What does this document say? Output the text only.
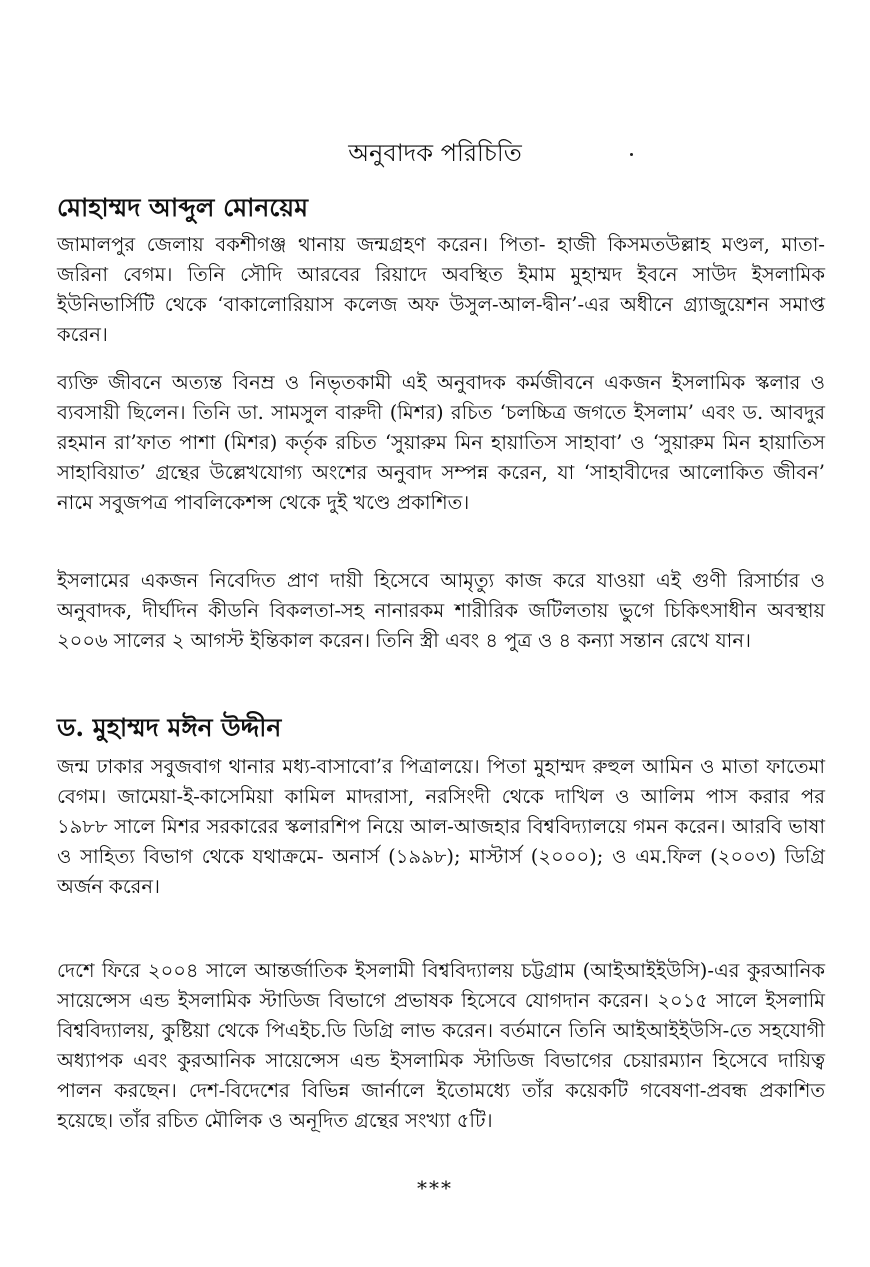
অনুবাদক পরিচিতি
মোহাম্মদ আব্দুল মোনয়েম

জামালপুর জেলায় বকশীগঞ্জ থানায় জন্মগ্রহণ করেন। পিতা- হাজী কিসমতউল্লাহ মণ্ডল, মাতা- জরিনা বেগম। তিনি সৌদি আরবের রিয়াদে অবস্থিত ইমাম মুহাম্মদ ইবনে সাউদ ইসলামিক ইউনিভার্সিটি থেকে ‘বাকালোরিয়াস কলেজ অফ উসুল-আল-দ্বীন’-এর অধীনে গ্র্যাজুয়েশন সমাপ্ত করেন।

ব্যক্তি জীবনে অত্যন্ত বিনম্র ও নিভৃতকামী এই অনুবাদক কর্মজীবনে একজন ইসলামিক স্কলার ও ব্যবসায়ী ছিলেন। তিনি ডা. সামসুল বারুদী (মিশর) রচিত ‘চলচ্চিত্র জগতে ইসলাম’ এবং ড. আবদুর রহমান রা’ফাত পাশা (মিশর) কর্তৃক রচিত ‘সুয়ারুম মিন হায়াতিস সাহাবা’ ও ‘সুয়ারুম মিন হায়াতিস সাহাবিয়াত’ গ্রন্থের উল্লেখযোগ্য অংশের অনুবাদ সম্পন্ন করেন, যা ‘সাহাবীদের আলোকিত জীবন’ নামে সবুজপত্র পাবলিকেশন্স থেকে দুই খণ্ডে প্রকাশিত।

ইসলামের একজন নিবেদিত প্রাণ দায়ী হিসেবে আমৃত্যু কাজ করে যাওয়া এই গুণী রিসার্চার ও অনুবাদক, দীর্ঘদিন কীডনি বিকলতা-সহ নানারকম শারীরিক জটিলতায় ভুগে চিকিৎসাধীন অবস্থায় ২০০৬ সালের ২ আগস্ট ইন্তিকাল করেন। তিনি স্ত্রী এবং ৪ পুত্র ও ৪ কন্যা সন্তান রেখে যান।

ড. মুহাম্মদ মঈন উদ্দীন

জন্ম ঢাকার সবুজবাগ থানার মধ্য-বাসাবো’র পিত্রালয়ে। পিতা মুহাম্মদ রুহুল আমিন ও মাতা ফাতেমা বেগম। জামেয়া-ই-কাসেমিয়া কামিল মাদরাসা, নরসিংদী থেকে দাখিল ও আলিম পাস করার পর ১৯৮৮ সালে মিশর সরকারের স্কলারশিপ নিয়ে আল-আজহার বিশ্ববিদ্যালয়ে গমন করেন। আরবি ভাষা ও সাহিত্য বিভাগ থেকে যথাক্রমে- অনার্স (১৯৯৮); মাস্টার্স (২০০০); ও এম.ফিল (২০০৩) ডিগ্রি অর্জন করেন।

দেশে ফিরে ২০০৪ সালে আন্তর্জাতিক ইসলামী বিশ্ববিদ্যালয় চট্টগ্রাম (আইআইইউসি)-এর কুরআনিক সায়েন্সেস এন্ড ইসলামিক স্টাডিজ বিভাগে প্রভাষক হিসেবে যোগদান করেন। ২০১৫ সালে ইসলামি বিশ্ববিদ্যালয়, কুষ্টিয়া থেকে পিএইচ.ডি ডিগ্রি লাভ করেন। বর্তমানে তিনি আইআইইউসি-তে সহযোগী অধ্যাপক এবং কুরআনিক সায়েন্সেস এন্ড ইসলামিক স্টাডিজ বিভাগের চেয়ারম্যান হিসেবে দায়িত্ব পালন করছেন। দেশ-বিদেশের বিভিন্ন জার্নালে ইতোমধ্যে তাঁর কয়েকটি গবেষণা-প্রবন্ধ প্রকাশিত হয়েছে। তাঁর রচিত মৌলিক ও অনূদিত গ্রন্থের সংখ্যা ৫টি।

***
